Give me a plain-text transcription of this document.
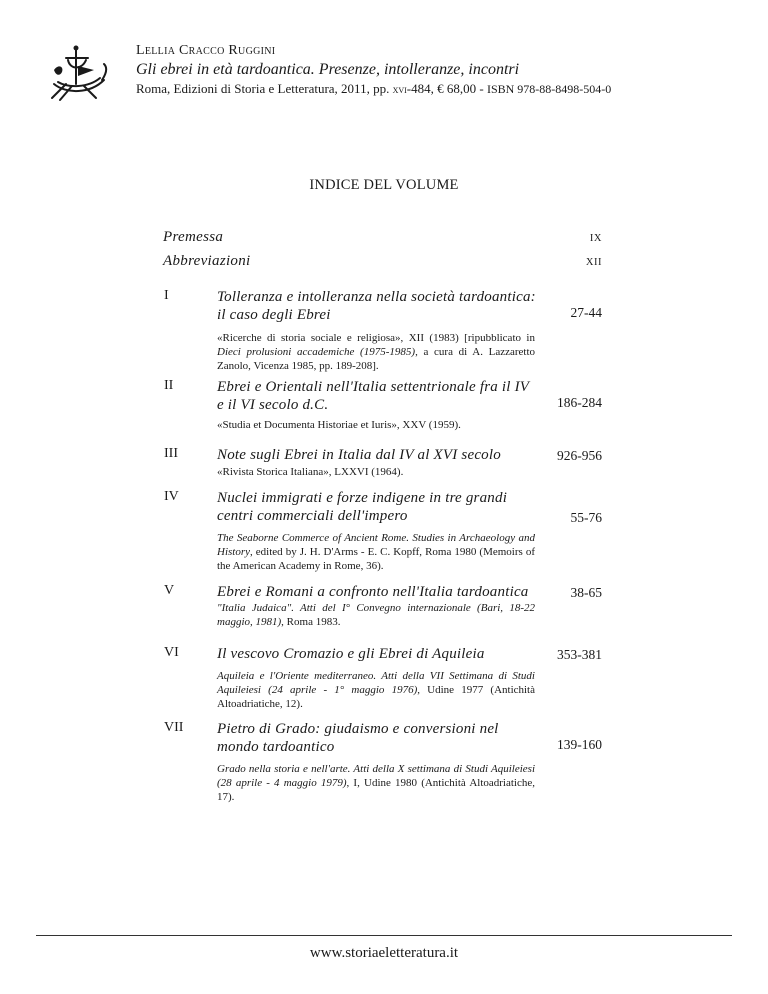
Lellia Cracco Ruggini
Gli ebrei in età tardoantica. Presenze, intolleranze, incontri
Roma, Edizioni di Storia e Letteratura, 2011, pp. xvi-484, € 68,00 - ISBN 978-88-8498-504-0
INDICE DEL VOLUME
Premessa	IX
Abbreviazioni	XII
I	Tolleranza e intolleranza nella società tardoantica: il caso degli Ebrei	27-44
«Ricerche di storia sociale e religiosa», XII (1983) [ripubblicato in Dieci prolusioni accademiche (1975-1985), a cura di A. Lazzaretto Zanolo, Vicenza 1985, pp. 189-208].
II	Ebrei e Orientali nell'Italia settentrionale fra il IV e il VI secolo d.C.	186-284
«Studia et Documenta Historiae et Iuris», XXV (1959).
III	Note sugli Ebrei in Italia dal IV al XVI secolo	926-956
«Rivista Storica Italiana», LXXVI (1964).
IV	Nuclei immigrati e forze indigene in tre grandi centri commerciali dell'impero	55-76
The Seaborne Commerce of Ancient Rome. Studies in Archaeology and History, edited by J. H. D'Arms - E. C. Kopff, Roma 1980 (Memoirs of the American Academy in Rome, 36).
V	Ebrei e Romani a confronto nell'Italia tardoantica	38-65
"Italia Judaica". Atti del I° Convegno internazionale (Bari, 18-22 maggio, 1981), Roma 1983.
VI	Il vescovo Cromazio e gli Ebrei di Aquileia	353-381
Aquileia e l'Oriente mediterraneo. Atti della VII Settimana di Studi Aquileiesi (24 aprile - 1° maggio 1976), Udine 1977 (Antichità Altoadriatiche, 12).
VII Pietro di Grado: giudaismo e conversioni nel mondo tardoantico	139-160
Grado nella storia e nell'arte. Atti della X settimana di Studi Aquileiesi (28 aprile - 4 maggio 1979), I, Udine 1980 (Antichità Altoadriatiche, 17).
www.storiaeletteratura.it
